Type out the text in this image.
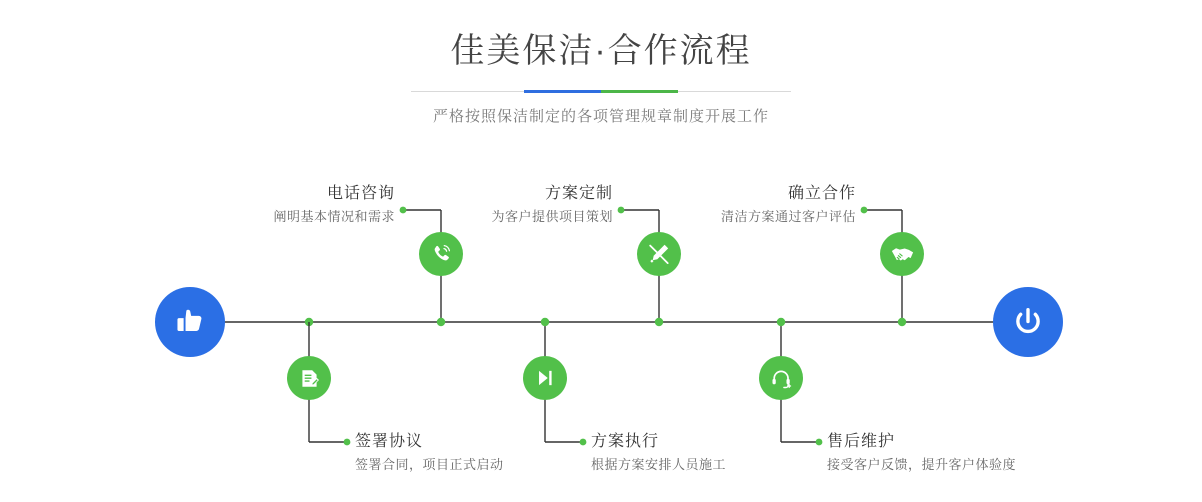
佳美保洁·合作流程

严格按照保洁制定的各项管理规章制度开展工作

电话咨询
阐明基本情况和需求
方案定制
为客户提供项目策划
确立合作
清洁方案通过客户评估
签署协议
签署合同，项目正式启动
方案执行
根据方案安排人员施工
售后维护
接受客户反馈，提升客户体验度
